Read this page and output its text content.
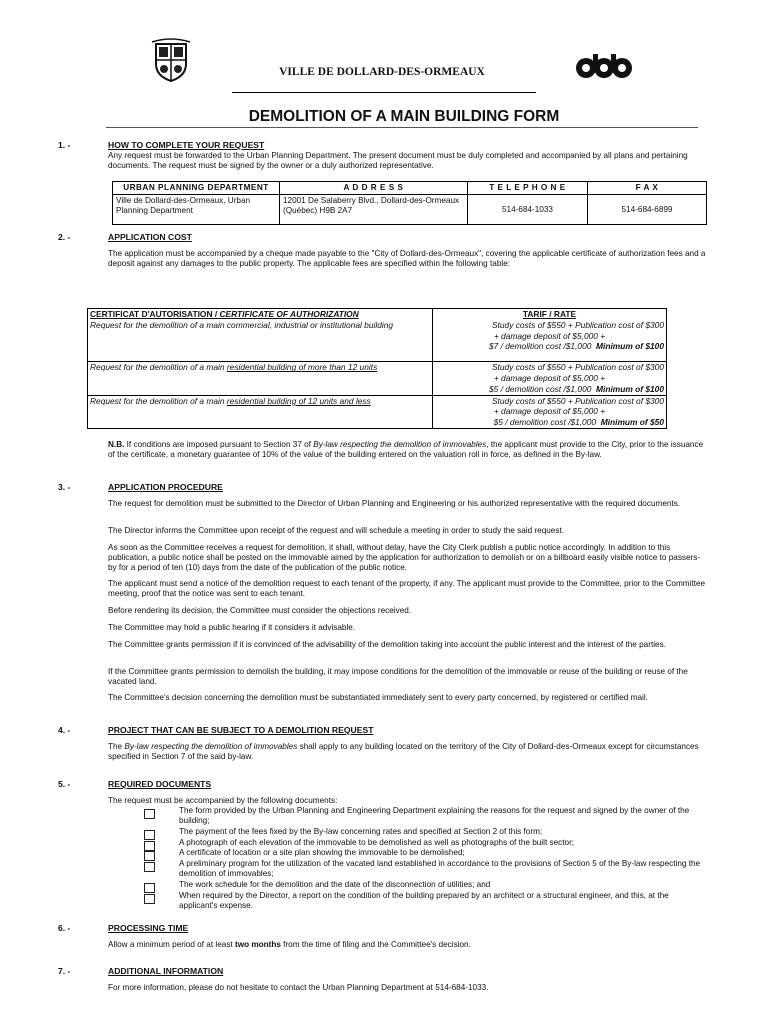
VILLE DE DOLLARD-DES-ORMEAUX
DEMOLITION OF A MAIN BUILDING FORM
1. -	HOW TO COMPLETE YOUR REQUEST
Any request must be forwarded to the Urban Planning Department. The present document must be duly completed and accompanied by all plans and pertaining documents. The request must be signed by the owner or a duly authorized representative.
URBAN PLANNING DEPARTMENT	A D D R E S S	T E L E P H O N E	F A X
Ville de Dollard-des-Ormeaux, Urban Planning Department	12001 De Salaberry Blvd., Dollard-des-Ormeaux (Québec) H9B 2A7	514-684-1033	514-684-6899
2. -	APPLICATION COST
The application must be accompanied by a cheque made payable to the "City of Dollard-des-Ormeaux", covering the applicable certificate of authorization fees and a deposit against any damages to the public property. The applicable fees are specified within the following table:
CERTIFICAT D'AUTORISATION / CERTIFICATE OF AUTHORIZATION	TARIF / RATE
Request for the demolition of a main commercial, industrial or institutional building	Study costs of $550 + Publication cost of $300
+ damage deposit of $5,000 +
$7 / demolition cost /$1,000 Minimum of $100

Request for the demolition of a main residential building of more than 12 units	Study costs of $550 + Publication cost of $300
+ damage deposit of $5,000 +
$5 / demolition cost /$1,000 Minimum of $100

Request for the demolition of a main residential building of 12 units and less	Study costs of $550 + Publication cost of $300
+ damage deposit of $5,000 +
$5 / demolition cost /$1,000 Minimum of $50
N.B. If conditions are imposed pursuant to Section 37 of By-law respecting the demolition of immovables, the applicant must provide to the City, prior to the issuance of the certificate, a monetary guarantee of 10% of the value of the building entered on the valuation roll in force, as defined in the By-law.
3. -	APPLICATION PROCEDURE
The request for demolition must be submitted to the Director of Urban Planning and Engineering or his authorized representative with the required documents.
The Director informs the Committee upon receipt of the request and will schedule a meeting in order to study the said request.
As soon as the Committee receives a request for demolition, it shall, without delay, have the City Clerk publish a public notice accordingly. In addition to this publication, a public notice shall be posted on the immovable aimed by the application for authorization to demolish or on a billboard easily visible notice to passers-by for a period of ten (10) days from the date of the publication of the public notice.
The applicant must send a notice of the demolition request to each tenant of the property, if any. The applicant must provide to the Committee, prior to the Committee meeting, proof that the notice was sent to each tenant.
Before rendering its decision, the Committee must consider the objections received.
The Committee may hold a public hearing if it considers it advisable.
The Committee grants permission if it is convinced of the advisability of the demolition taking into account the public interest and the interest of the parties.
If the Committee grants permission to demolish the building, it may impose conditions for the demolition of the immovable or reuse of the building or reuse of the vacated land.
The Committee's decision concerning the demolition must be substantiated immediately sent to every party concerned, by registered or certified mail.
4. -	PROJECT THAT CAN BE SUBJECT TO A DEMOLITION REQUEST
The By-law respecting the demolition of immovables shall apply to any building located on the territory of the City of Dollard-des-Ormeaux except for circumstances specified in Section 7 of the said by-law.
5. -	REQUIRED DOCUMENTS
The request must be accompanied by the following documents:
The form provided by the Urban Planning and Engineering Department explaining the reasons for the request and signed by the owner of the building;
The payment of the fees fixed by the By-law concerning rates and specified at Section 2 of this form;
A photograph of each elevation of the immovable to be demolished as well as photographs of the built sector;
A certificate of location or a site plan showing the immovable to be demolished;
A preliminary program for the utilization of the vacated land established in accordance to the provisions of Section 5 of the By-law respecting the demolition of immovables;
The work schedule for the demolition and the date of the disconnection of utilities; and
When required by the Director, a report on the condition of the building prepared by an architect or a structural engineer, and this, at the applicant's expense.
6. -	PROCESSING TIME
Allow a minimum period of at least two months from the time of filing and the Committee's decision.
7. -	ADDITIONAL INFORMATION
For more information, please do not hesitate to contact the Urban Planning Department at 514-684-1033.
